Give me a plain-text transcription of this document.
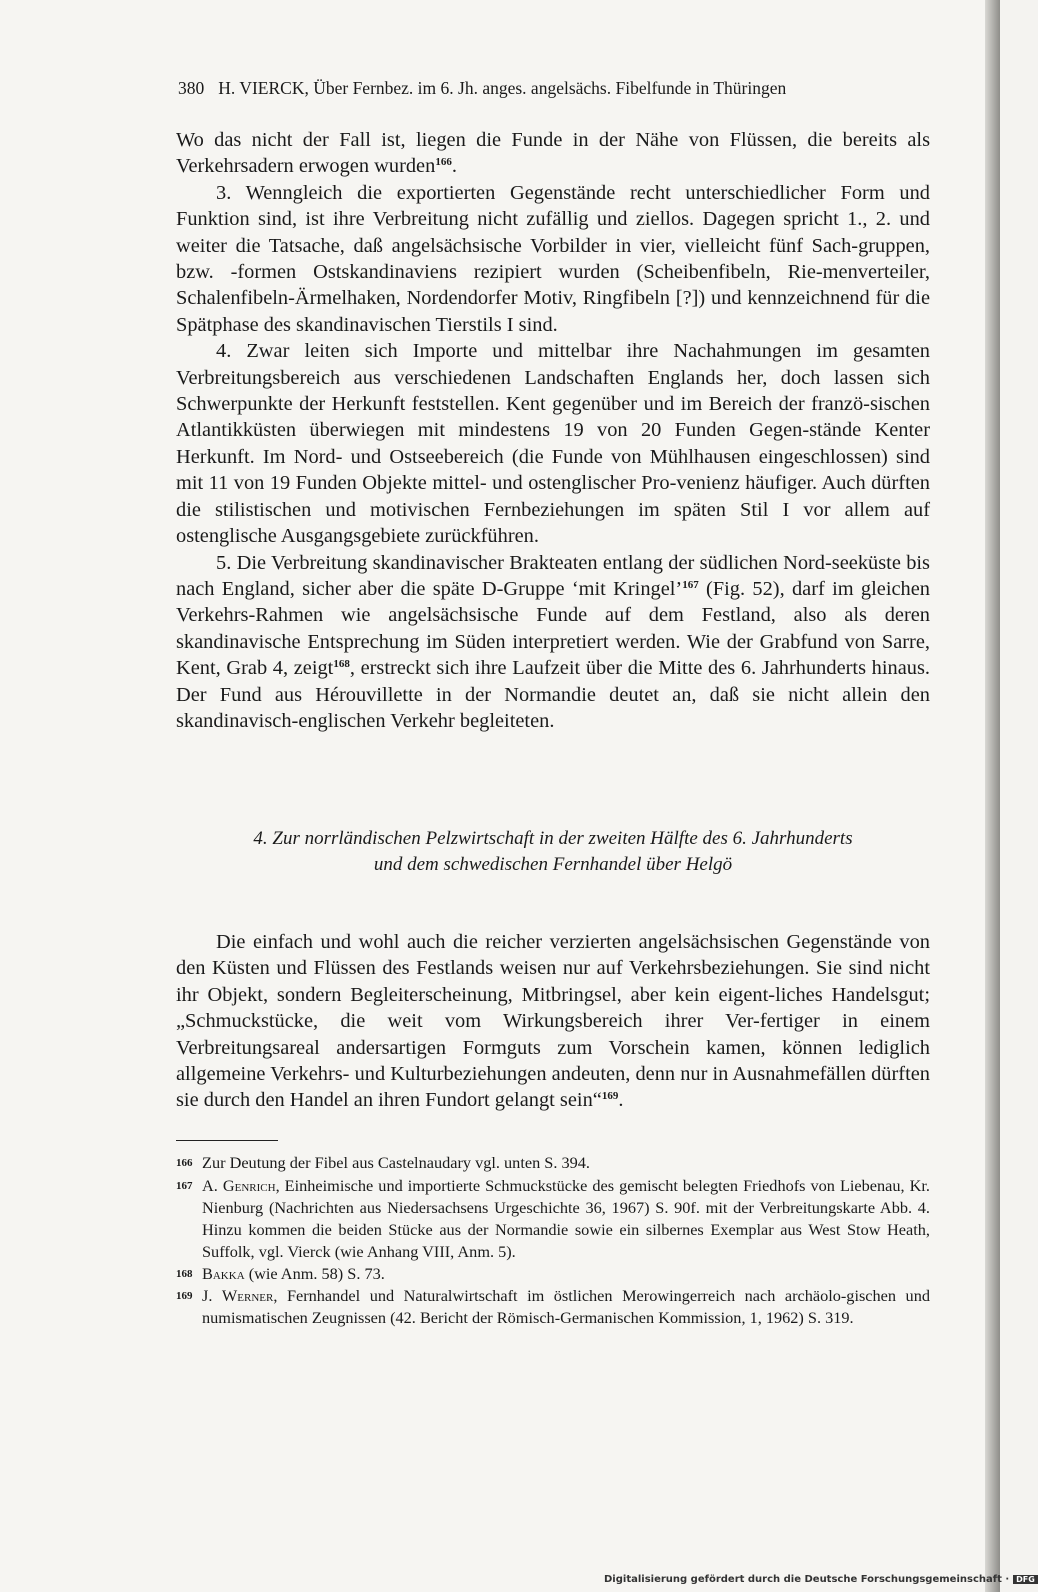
380 H. VIERCK, Über Fernbez. im 6. Jh. anges. angelsächs. Fibelfunde in Thüringen

Wo das nicht der Fall ist, liegen die Funde in der Nähe von Flüssen, die bereits als Verkehrsadern erwogen wurden$^{166}$.

3. Wenngleich die exportierten Gegenstände recht unterschiedlicher Form und Funktion sind, ist ihre Verbreitung nicht zufällig und ziellos. Dagegen spricht 1., 2. und weiter die Tatsache, daß angelsächsische Vorbilder in vier, vielleicht fünf Sach-gruppen, bzw. -formen Ostskandinaviens rezipiert wurden (Scheibenfibeln, Rie-menverteiler, Schalenfibeln-Ärmelhaken, Nordendorfer Motiv, Ringfibeln [?]) und kennzeichnend für die Spätphase des skandinavischen Tierstils I sind.

4. Zwar leiten sich Importe und mittelbar ihre Nachahmungen im gesamten Verbreitungsbereich aus verschiedenen Landschaften Englands her, doch lassen sich Schwerpunkte der Herkunft feststellen. Kent gegenüber und im Bereich der franzö-sischen Atlantikküsten überwiegen mit mindestens 19 von 20 Funden Gegen-stände Kenter Herkunft. Im Nord- und Ostseebereich (die Funde von Mühlhausen eingeschlossen) sind mit 11 von 19 Funden Objekte mittel- und ostenglischer Pro-venienz häufiger. Auch dürften die stilistischen und motivischen Fernbeziehungen im späten Stil I vor allem auf ostenglische Ausgangsgebiete zurückführen.

5. Die Verbreitung skandinavischer Brakteaten entlang der südlichen Nord-seeküste bis nach England, sicher aber die späte D-Gruppe ‘mit Kringel’$^{167}$ (Fig. 52), darf im gleichen Verkehrs-Rahmen wie angelsächsische Funde auf dem Festland, also als deren skandinavische Entsprechung im Süden interpretiert werden. Wie der Grabfund von Sarre, Kent, Grab 4, zeigt$^{168}$, erstreckt sich ihre Laufzeit über die Mitte des 6. Jahrhunderts hinaus. Der Fund aus Hérouvillette in der Normandie deutet an, daß sie nicht allein den skandinavisch-englischen Verkehr begleiteten.

4. Zur norrländischen Pelzwirtschaft in der zweiten Hälfte des 6. Jahrhunderts
und dem schwedischen Fernhandel über Helgö

Die einfach und wohl auch die reicher verzierten angelsächsischen Gegenstände von den Küsten und Flüssen des Festlands weisen nur auf Verkehrsbeziehungen. Sie sind nicht ihr Objekt, sondern Begleiterscheinung, Mitbringsel, aber kein eigent-liches Handelsgut; „Schmuckstücke, die weit vom Wirkungsbereich ihrer Ver-fertiger in einem Verbreitungsareal andersartigen Formguts zum Vorschein kamen, können lediglich allgemeine Verkehrs- und Kulturbeziehungen andeuten, denn nur in Ausnahmefällen dürften sie durch den Handel an ihren Fundort gelangt sein“$^{169}$.

166 Zur Deutung der Fibel aus Castelnaudary vgl. unten S. 394.
167 A. Genrich, Einheimische und importierte Schmuckstücke des gemischt belegten Friedhofs von Liebenau, Kr. Nienburg (Nachrichten aus Niedersachsens Urgeschichte 36, 1967) S. 90f. mit der Verbreitungskarte Abb. 4. Hinzu kommen die beiden Stücke aus der Normandie sowie ein silbernes Exemplar aus West Stow Heath, Suffolk, vgl. Vierck (wie Anhang VIII, Anm. 5).
168 Bakka (wie Anm. 58) S. 73.
169 J. Werner, Fernhandel und Naturalwirtschaft im östlichen Merowingerreich nach archäolo-gischen und numismatischen Zeugnissen (42. Bericht der Römisch-Germanischen Kommission, 1, 1962) S. 319.
Digitalisierung gefördert durch die Deutsche Forschungsgemeinschaft · DFG
